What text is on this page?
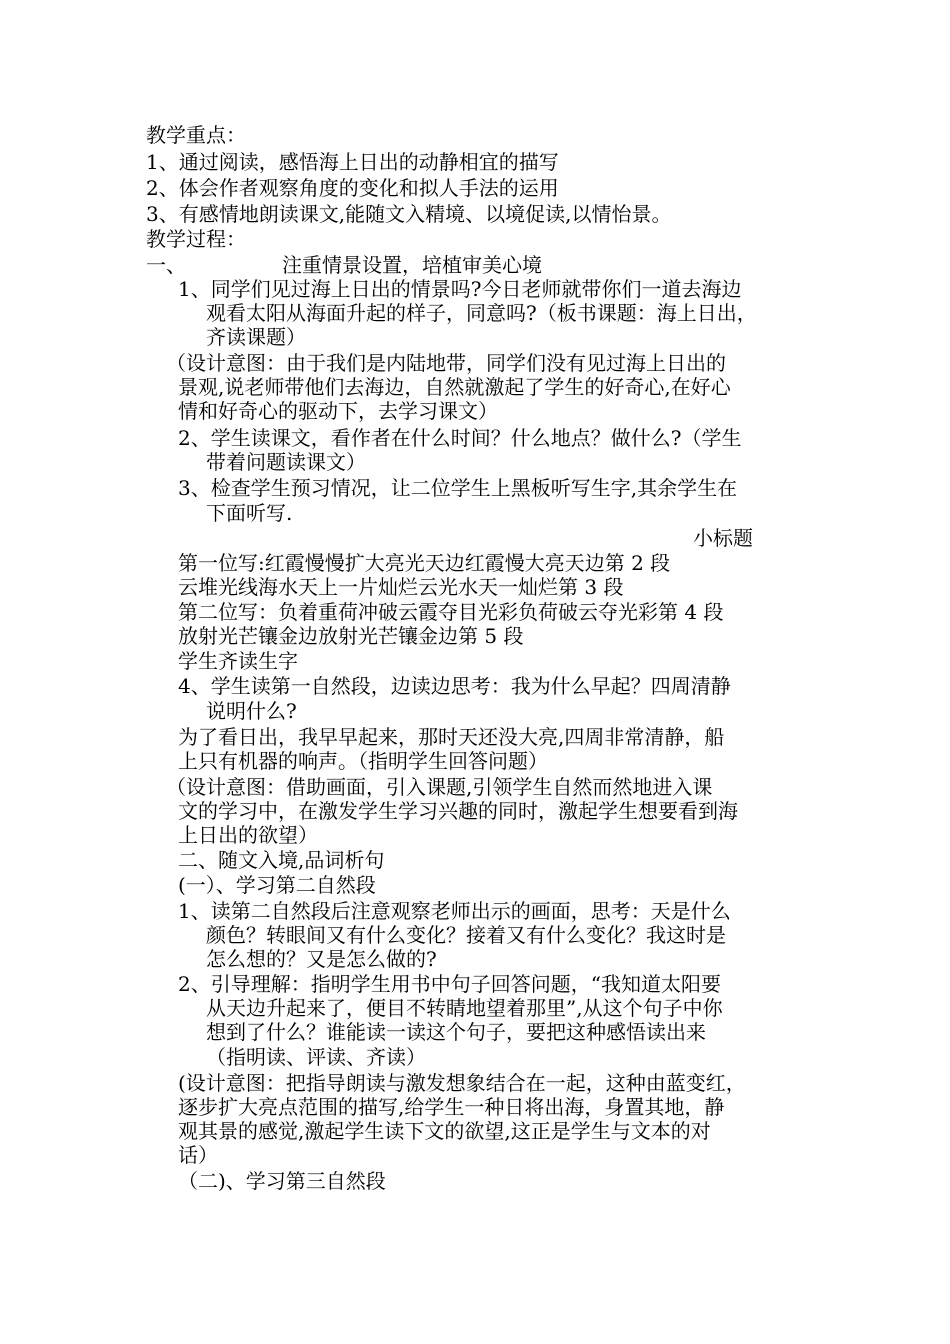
教学重点：
1、通过阅读，感悟海上日出的动静相宜的描写
2、体会作者观察角度的变化和拟人手法的运用
3、有感情地朗读课文,能随文入精境、以境促读,以情怡景。
教学过程：
一、	注重情景设置，培植审美心境
1、同学们见过海上日出的情景吗?今日老师就带你们一道去海边
观看太阳从海面升起的样子，同意吗?（板书课题：海上日出，
齐读课题）
（设计意图：由于我们是内陆地带，同学们没有见过海上日出的
景观,说老师带他们去海边，自然就激起了学生的好奇心,在好心
情和好奇心的驱动下，去学习课文）
2、学生读课文，看作者在什么时间？什么地点？做什么?（学生
带着问题读课文）
3、检查学生预习情况，让二位学生上黑板听写生字,其余学生在
下面听写.
小标题
第一位写:红霞慢慢扩大亮光天边红霞慢大亮天边第 2 段
云堆光线海水天上一片灿烂云光水天一灿烂第 3 段
第二位写：负着重荷冲破云霞夺目光彩负荷破云夺光彩第 4 段
放射光芒镶金边放射光芒镶金边第 5 段
学生齐读生字
4、学生读第一自然段，边读边思考：我为什么早起？四周清静
说明什么?
为了看日出，我早早起来，那时天还没大亮,四周非常清静，船
上只有机器的响声。（指明学生回答问题）
（设计意图：借助画面，引入课题,引领学生自然而然地进入课
文的学习中，在激发学生学习兴趣的同时，激起学生想要看到海
上日出的欲望）
二、随文入境,品词析句
(一）、学习第二自然段
1、读第二自然段后注意观察老师出示的画面，思考：天是什么
颜色？转眼间又有什么变化？接着又有什么变化？我这时是
怎么想的？又是怎么做的?
2、引导理解：指明学生用书中句子回答问题，“我知道太阳要
从天边升起来了，便目不转睛地望着那里”,从这个句子中你
想到了什么？谁能读一读这个句子，要把这种感悟读出来
（指明读、评读、齐读）
(设计意图：把指导朗读与激发想象结合在一起，这种由蓝变红，
逐步扩大亮点范围的描写,给学生一种日将出海，身置其地，静
观其景的感觉,激起学生读下文的欲望,这正是学生与文本的对
话）
（二)、学习第三自然段
